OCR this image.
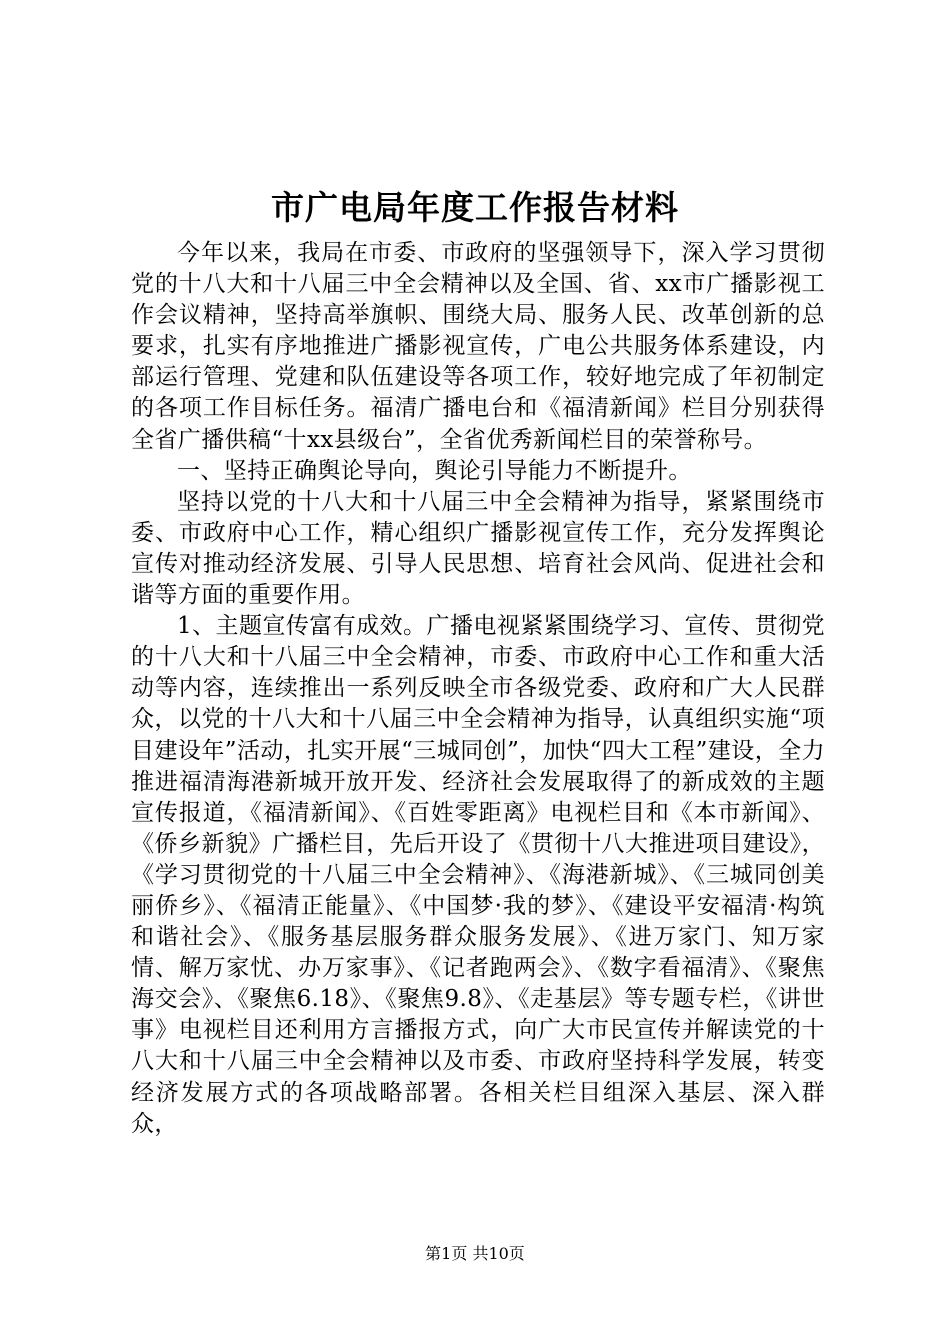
市广电局年度工作报告材料

今年以来，我局在市委、市政府的坚强领导下，深入学习贯彻党的十八大和十八届三中全会精神以及全国、省、xx市广播影视工作会议精神，坚持高举旗帜、围绕大局、服务人民、改革创新的总要求，扎实有序地推进广播影视宣传，广电公共服务体系建设，内部运行管理、党建和队伍建设等各项工作，较好地完成了年初制定的各项工作目标任务。福清广播电台和《福清新闻》栏目分别获得全省广播供稿“十xx县级台”，全省优秀新闻栏目的荣誉称号。

一、坚持正确舆论导向，舆论引导能力不断提升。

坚持以党的十八大和十八届三中全会精神为指导，紧紧围绕市委、市政府中心工作，精心组织广播影视宣传工作，充分发挥舆论宣传对推动经济发展、引导人民思想、培育社会风尚、促进社会和谐等方面的重要作用。

1、主题宣传富有成效。广播电视紧紧围绕学习、宣传、贯彻党的十八大和十八届三中全会精神，市委、市政府中心工作和重大活动等内容，连续推出一系列反映全市各级党委、政府和广大人民群众，以党的十八大和十八届三中全会精神为指导，认真组织实施“项目建设年”活动，扎实开展“三城同创”，加快“四大工程”建设，全力推进福清海港新城开放开发、经济社会发展取得了的新成效的主题宣传报道，《福清新闻》、《百姓零距离》电视栏目和《本市新闻》、《侨乡新貌》广播栏目，先后开设了《贯彻十八大推进项目建设》，《学习贯彻党的十八届三中全会精神》、《海港新城》、《三城同创美丽侨乡》、《福清正能量》、《中国梦·我的梦》、《建设平安福清·构筑和谐社会》、《服务基层服务群众服务发展》、《进万家门、知万家情、解万家忧、办万家事》、《记者跑两会》、《数字看福清》、《聚焦海交会》、《聚焦6.18》、《聚焦9.8》、《走基层》等专题专栏，《讲世事》电视栏目还利用方言播报方式，向广大市民宣传并解读党的十八大和十八届三中全会精神以及市委、市政府坚持科学发展，转变经济发展方式的各项战略部署。各相关栏目组深入基层、深入群众，

第1页 共10页
